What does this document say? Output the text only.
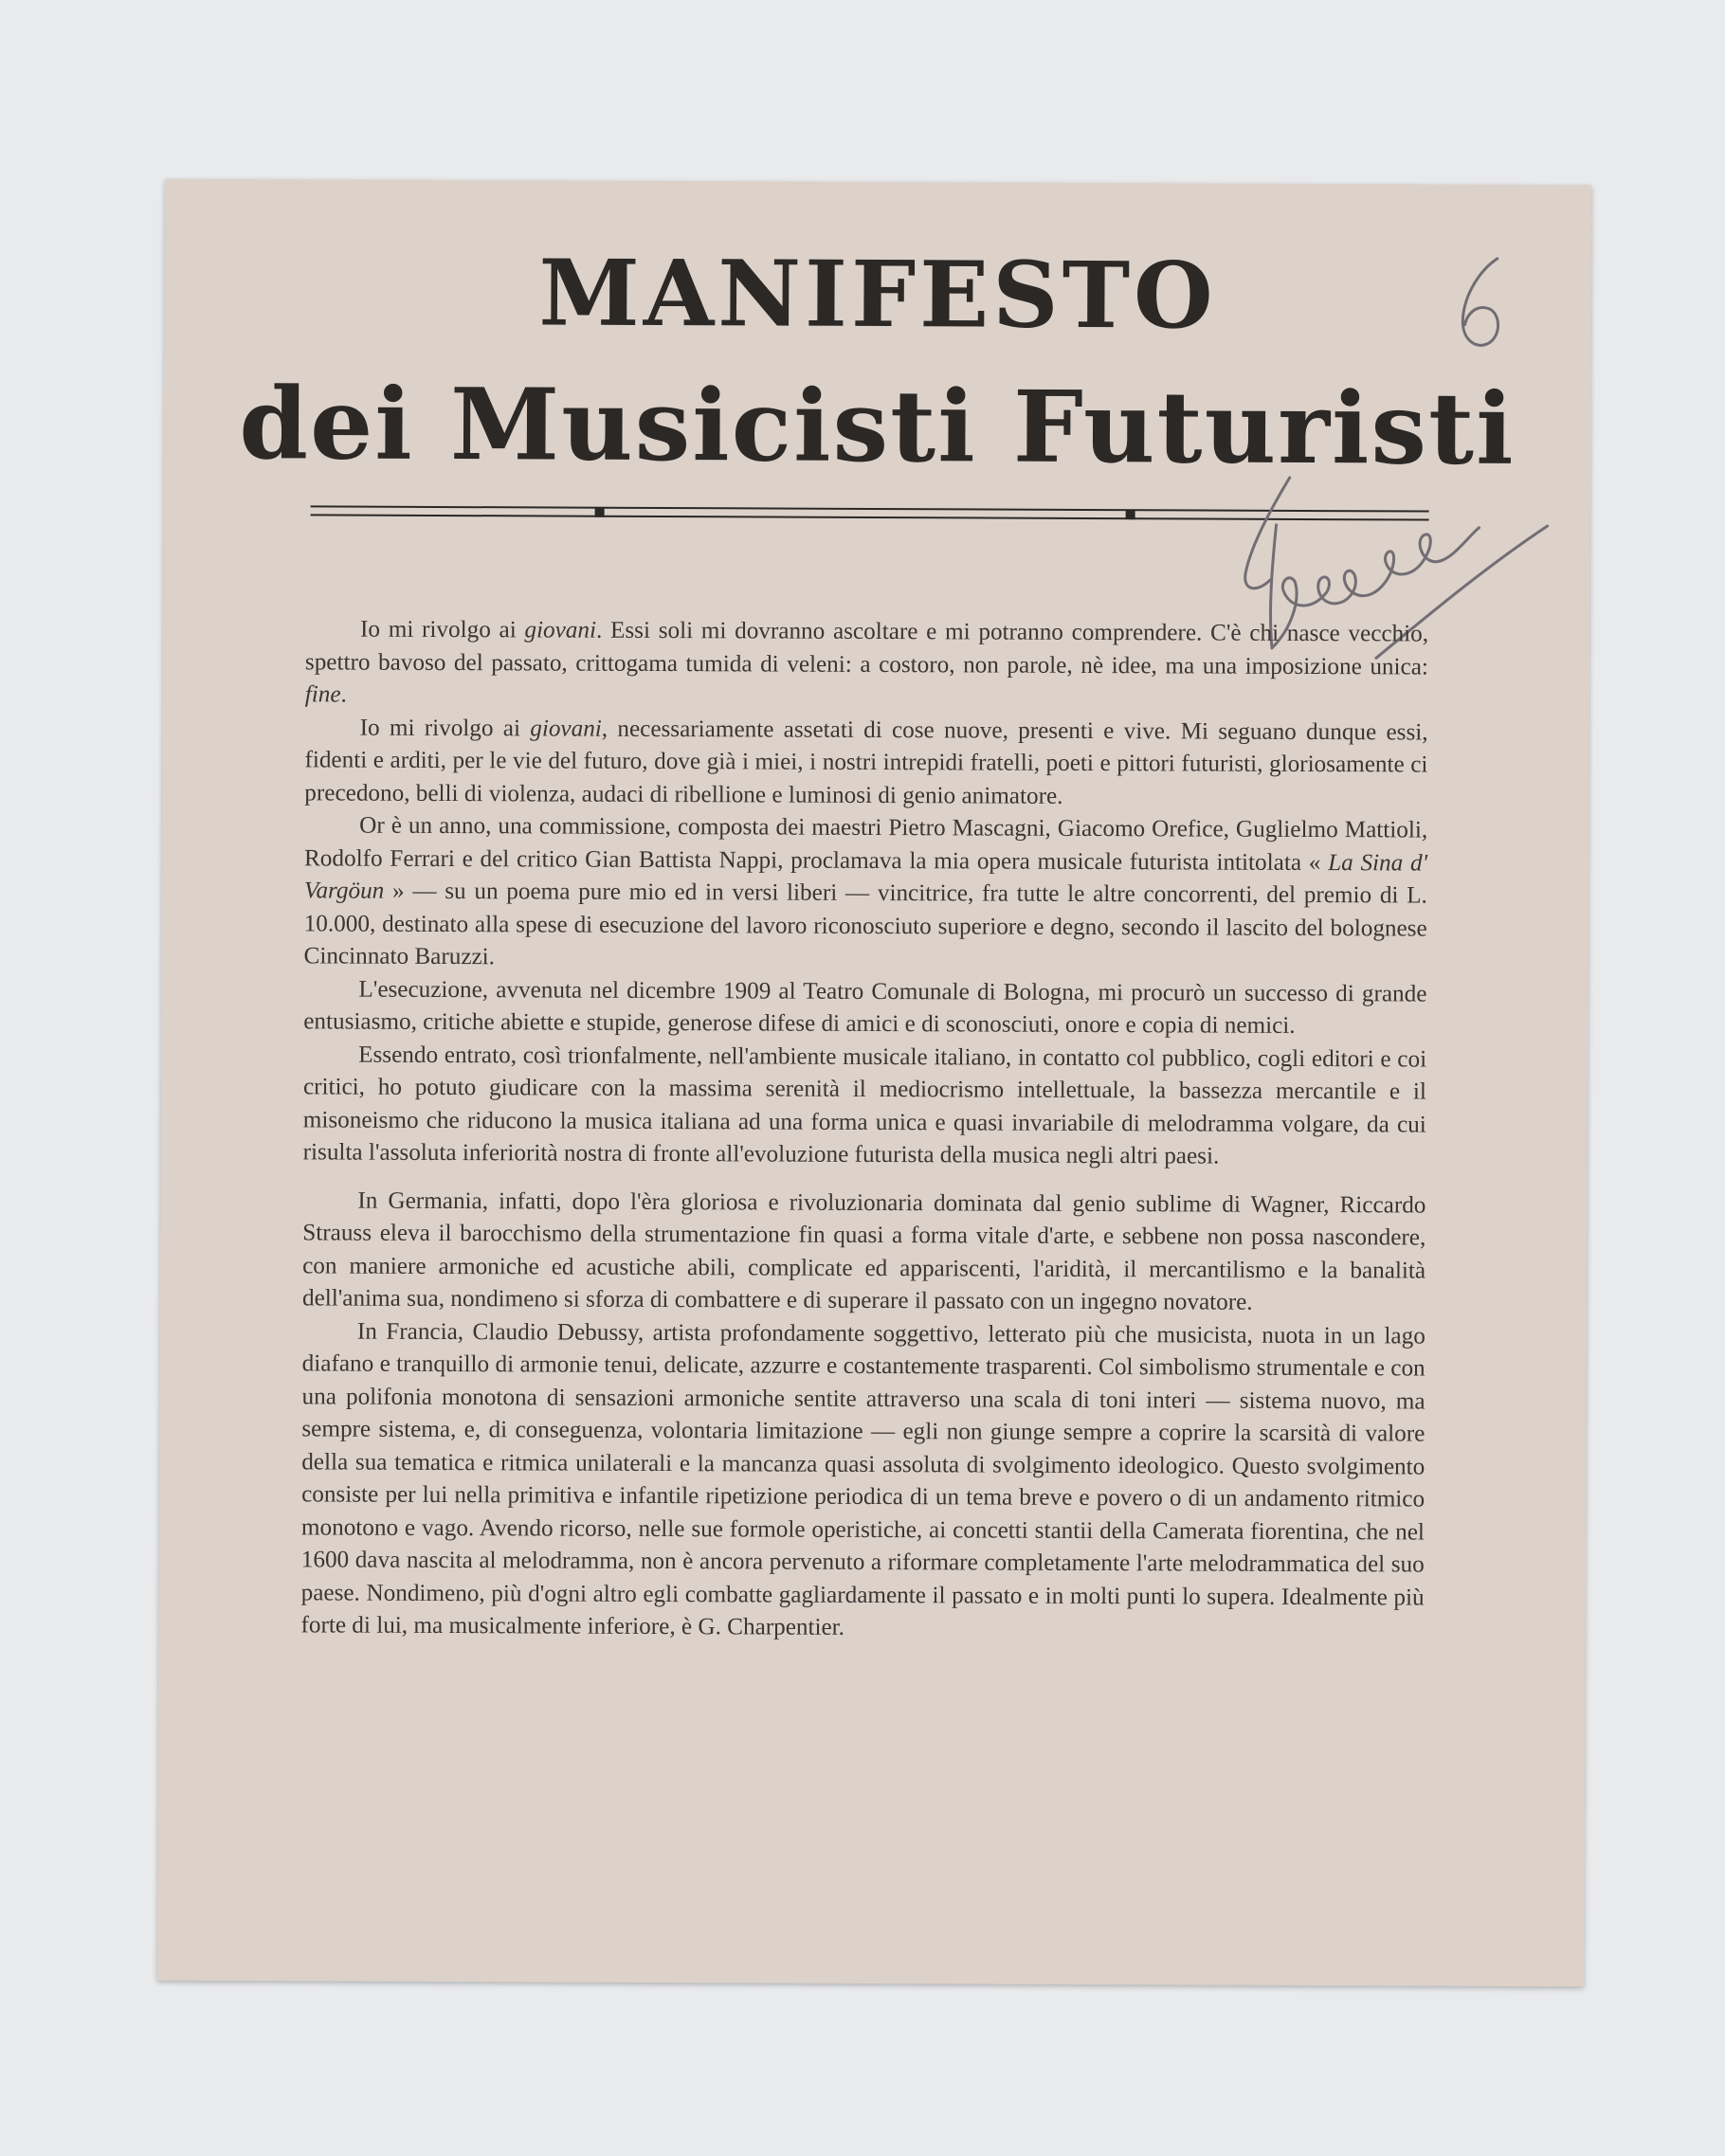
MANIFESTO
dei Musicisti Futuristi

Io mi rivolgo ai giovani. Essi soli mi dovranno ascoltare e mi potranno comprendere. C'è chi nasce vecchio, spettro bavoso del passato, crittogama tumida di veleni: a costoro, non parole, nè idee, ma una imposizione unica: fine.

Io mi rivolgo ai giovani, necessariamente assetati di cose nuove, presenti e vive. Mi seguano dunque essi, fidenti e arditi, per le vie del futuro, dove già i miei, i nostri intrepidi fratelli, poeti e pittori futuristi, gloriosamente ci precedono, belli di violenza, audaci di ribellione e luminosi di genio animatore.

Or è un anno, una commissione, composta dei maestri Pietro Mascagni, Giacomo Orefice, Guglielmo Mattioli, Rodolfo Ferrari e del critico Gian Battista Nappi, proclamava la mia opera musicale futurista intitolata « La Sina d' Vargöun » — su un poema pure mio ed in versi liberi — vincitrice, fra tutte le altre concorrenti, del premio di L. 10.000, destinato alla spese di esecuzione del lavoro riconosciuto superiore e degno, secondo il lascito del bolognese Cincinnato Baruzzi.

L'esecuzione, avvenuta nel dicembre 1909 al Teatro Comunale di Bologna, mi procurò un successo di grande entusiasmo, critiche abiette e stupide, generose difese di amici e di sconosciuti, onore e copia di nemici.

Essendo entrato, così trionfalmente, nell'ambiente musicale italiano, in contatto col pubblico, cogli editori e coi critici, ho potuto giudicare con la massima serenità il mediocrismo intellettuale, la bassezza mercantile e il misoneismo che riducono la musica italiana ad una forma unica e quasi invariabile di melodramma volgare, da cui risulta l'assoluta inferiorità nostra di fronte all'evoluzione futurista della musica negli altri paesi.

In Germania, infatti, dopo l'èra gloriosa e rivoluzionaria dominata dal genio sublime di Wagner, Riccardo Strauss eleva il barocchismo della strumentazione fin quasi a forma vitale d'arte, e sebbene non possa nascondere, con maniere armoniche ed acustiche abili, complicate ed appariscenti, l'aridità, il mercantilismo e la banalità dell'anima sua, nondimeno si sforza di combattere e di superare il passato con un ingegno novatore.

In Francia, Claudio Debussy, artista profondamente soggettivo, letterato più che musicista, nuota in un lago diafano e tranquillo di armonie tenui, delicate, azzurre e costantemente trasparenti. Col simbolismo strumentale e con una polifonia monotona di sensazioni armoniche sentite attraverso una scala di toni interi — sistema nuovo, ma sempre sistema, e, di conseguenza, volontaria limitazione — egli non giunge sempre a coprire la scarsità di valore della sua tematica e ritmica unilaterali e la mancanza quasi assoluta di svolgimento ideologico. Questo svolgimento consiste per lui nella primitiva e infantile ripetizione periodica di un tema breve e povero o di un andamento ritmico monotono e vago. Avendo ricorso, nelle sue formole operistiche, ai concetti stantii della Camerata fiorentina, che nel 1600 dava nascita al melodramma, non è ancora pervenuto a riformare completamente l'arte melodrammatica del suo paese. Nondimeno, più d'ogni altro egli combatte gagliardamente il passato e in molti punti lo supera. Idealmente più forte di lui, ma musicalmente inferiore, è G. Charpentier.
